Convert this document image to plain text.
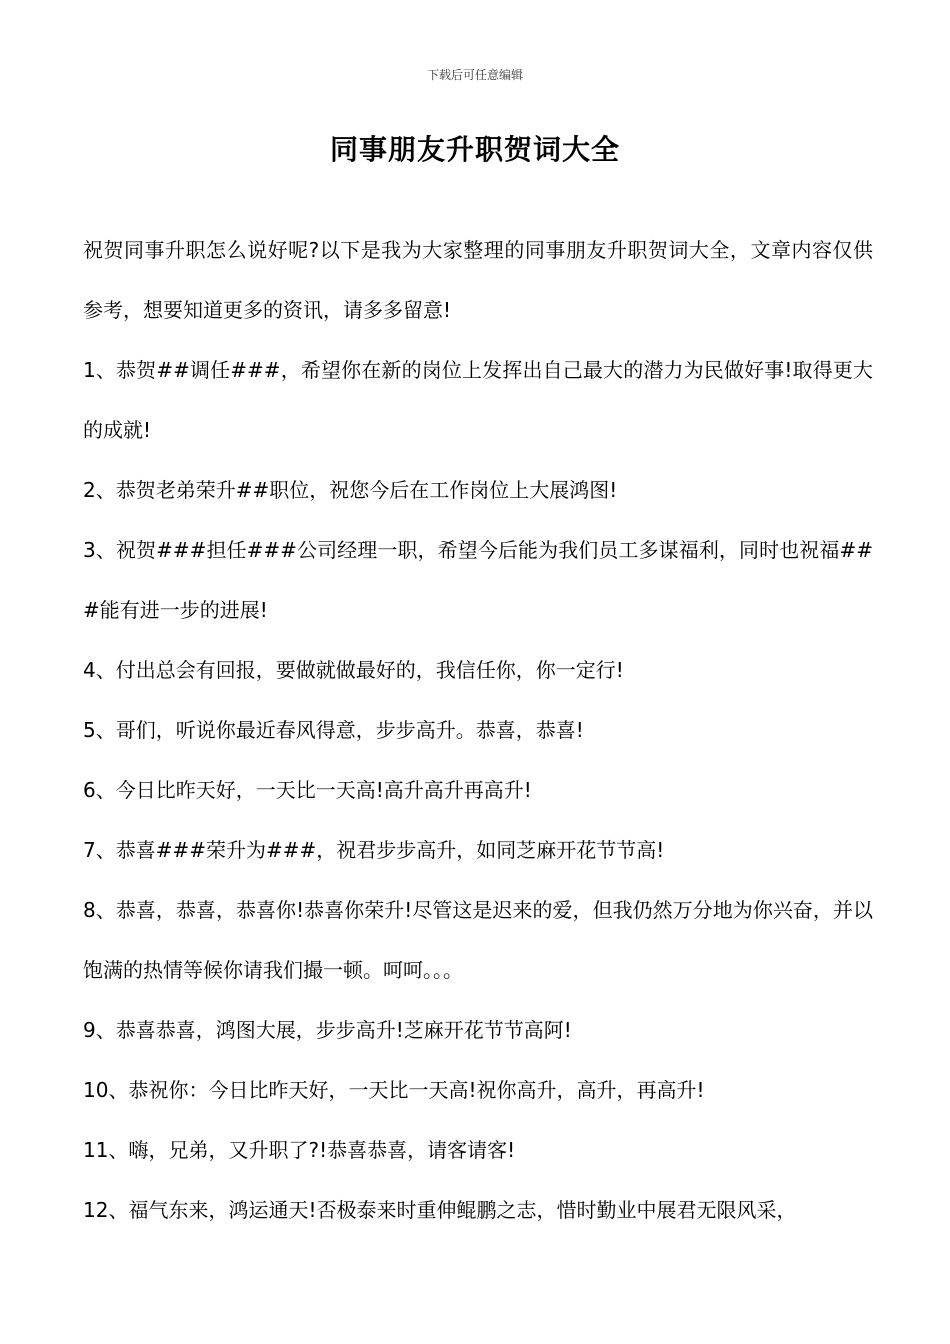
下载后可任意编辑
同事朋友升职贺词大全

祝贺同事升职怎么说好呢?以下是我为大家整理的同事朋友升职贺词大全，文章内容仅供参考，想要知道更多的资讯，请多多留意!

1、恭贺##调任###，希望你在新的岗位上发挥出自己最大的潜力为民做好事!取得更大的成就!

2、恭贺老弟荣升##职位，祝您今后在工作岗位上大展鸿图!

3、祝贺###担任###公司经理一职，希望今后能为我们员工多谋福利，同时也祝福###能有进一步的进展!

4、付出总会有回报，要做就做最好的，我信任你，你一定行!

5、哥们，听说你最近春风得意，步步高升。恭喜，恭喜!

6、今日比昨天好，一天比一天高!高升高升再高升!

7、恭喜###荣升为###，祝君步步高升，如同芝麻开花节节高!

8、恭喜，恭喜，恭喜你!恭喜你荣升!尽管这是迟来的爱，但我仍然万分地为你兴奋，并以饱满的热情等候你请我们撮一顿。呵呵。。。

9、恭喜恭喜，鸿图大展，步步高升!芝麻开花节节高阿!

10、恭祝你：今日比昨天好，一天比一天高!祝你高升，高升，再高升!

11、嗨，兄弟，又升职了?!恭喜恭喜，请客请客!

12、福气东来，鸿运通天!否极泰来时重伸鲲鹏之志，惜时勤业中展君无限风采，
